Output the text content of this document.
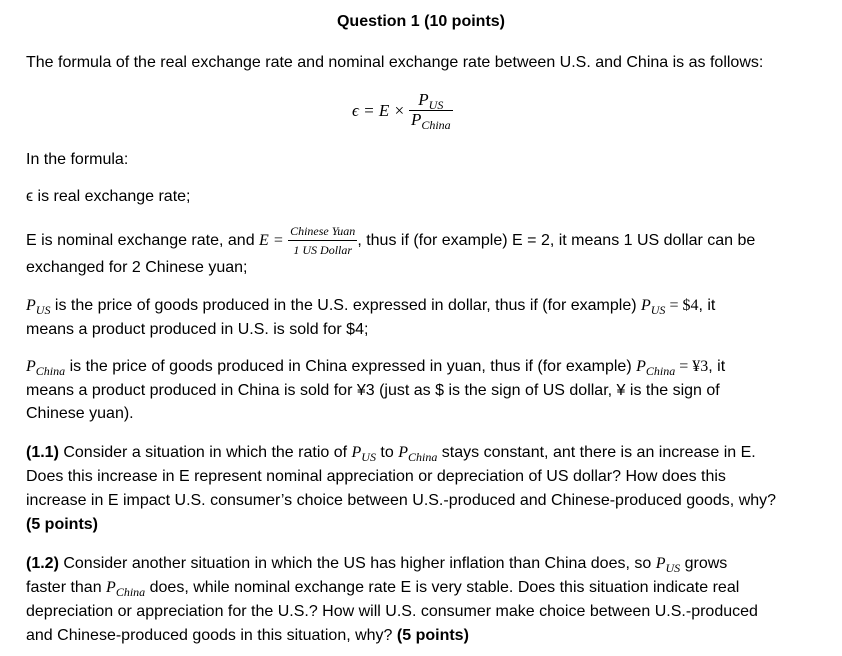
Question 1 (10 points)
The formula of the real exchange rate and nominal exchange rate between U.S. and China is as follows:
$\epsilon = E \times \frac{P_{US}}{P_{China}}$
In the formula:
ϵ is real exchange rate;
E is nominal exchange rate, and
E =
$\frac{\text{Chinese Yuan}}{\text{1 US Dollar}}$ , thus if (for example) E = 2, it means 1 US dollar can be
exchanged for 2 Chinese yuan;
$P_{US}$ is the price of goods produced in the U.S. expressed in dollar, thus if (for example) $P_{US}$ = $4, it
means a product produced in U.S. is sold for $4;
$P_{China}$ is the price of goods produced in China expressed in yuan, thus if (for example) $P_{China}$ = ¥3, it
means a product produced in China is sold for ¥3 (just as $ is the sign of US dollar, ¥ is the sign of
Chinese yuan).
(1.1) Consider a situation in which the ratio of $P_{US}$ to $P_{China}$ stays constant, ant there is an increase in E.
Does this increase in E represent nominal appreciation or depreciation of US dollar? How does this
increase in E impact U.S. consumer’s choice between U.S.-produced and Chinese-produced goods, why?
(5 points)
(1.2) Consider another situation in which the US has higher inflation than China does, so $P_{US}$ grows
faster than $P_{China}$ does, while nominal exchange rate E is very stable. Does this situation indicate real
depreciation or appreciation for the U.S.? How will U.S. consumer make choice between U.S.-produced
and Chinese-produced goods in this situation, why? (5 points)
